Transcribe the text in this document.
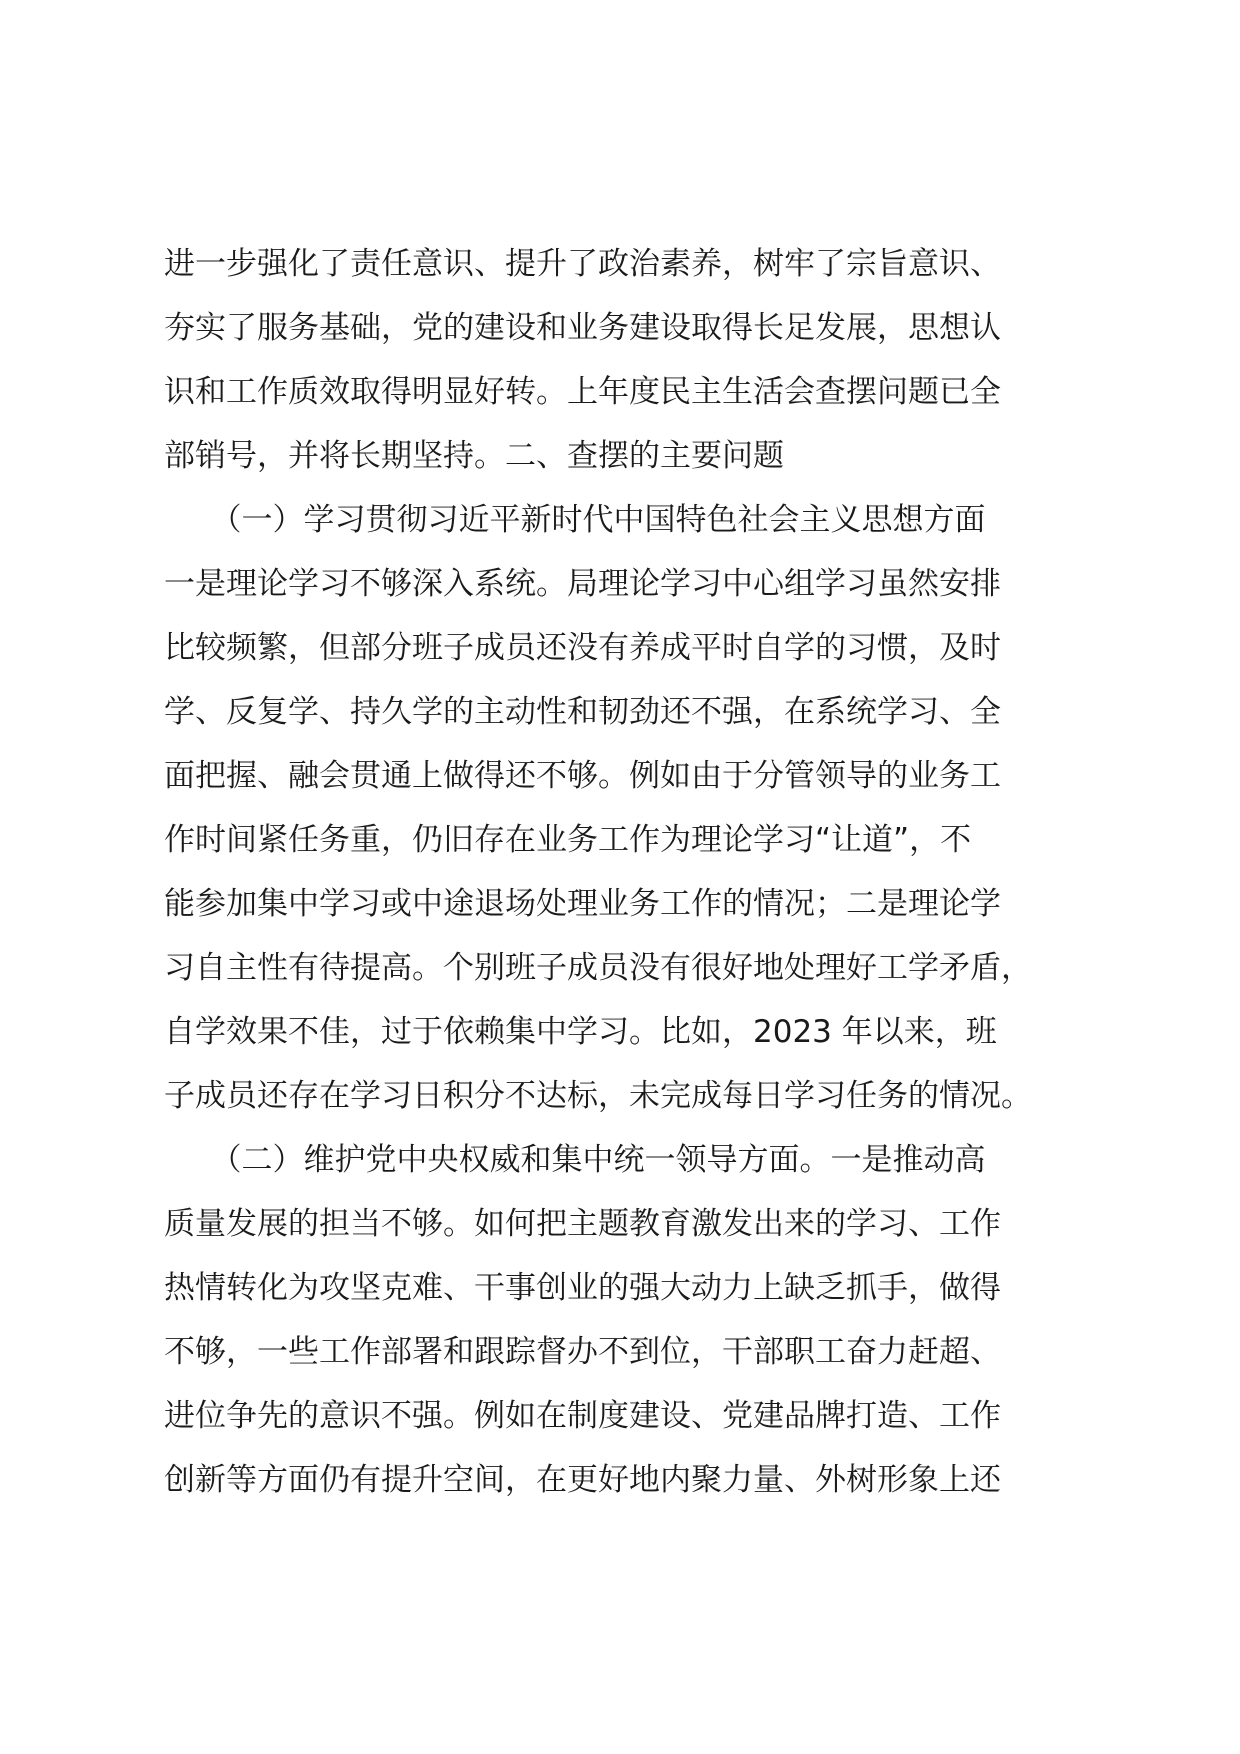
进一步强化了责任意识、提升了政治素养，树牢了宗旨意识、
夯实了服务基础，党的建设和业务建设取得长足发展，思想认
识和工作质效取得明显好转。上年度民主生活会查摆问题已全
部销号，并将长期坚持。二、查摆的主要问题
　　（一）学习贯彻习近平新时代中国特色社会主义思想方面
一是理论学习不够深入系统。局理论学习中心组学习虽然安排
比较频繁，但部分班子成员还没有养成平时自学的习惯，及时
学、反复学、持久学的主动性和韧劲还不强，在系统学习、全
面把握、融会贯通上做得还不够。例如由于分管领导的业务工
作时间紧任务重，仍旧存在业务工作为理论学习“让道”，不
能参加集中学习或中途退场处理业务工作的情况；二是理论学
习自主性有待提高。个别班子成员没有很好地处理好工学矛盾，
自学效果不佳，过于依赖集中学习。比如，2023 年以来，班
子成员还存在学习日积分不达标，未完成每日学习任务的情况。
　　（二）维护党中央权威和集中统一领导方面。一是推动高
质量发展的担当不够。如何把主题教育激发出来的学习、工作
热情转化为攻坚克难、干事创业的强大动力上缺乏抓手，做得
不够，一些工作部署和跟踪督办不到位，干部职工奋力赶超、
进位争先的意识不强。例如在制度建设、党建品牌打造、工作
创新等方面仍有提升空间，在更好地内聚力量、外树形象上还
